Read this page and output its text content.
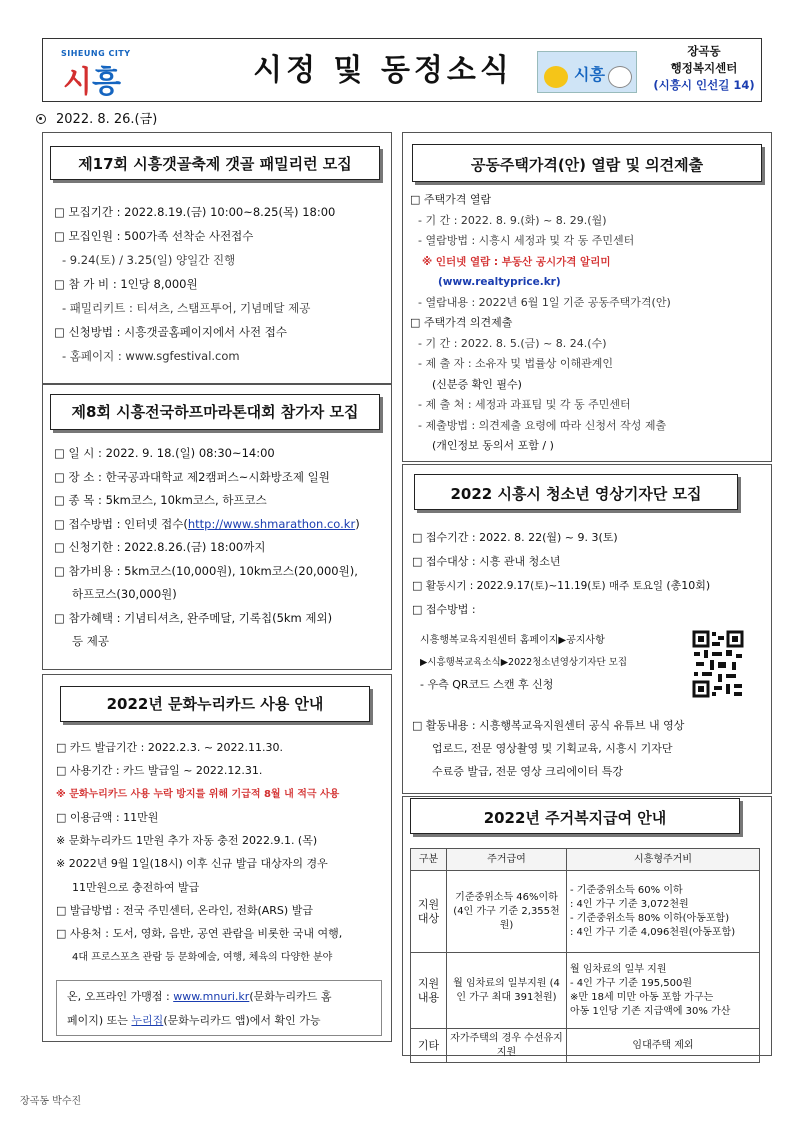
SIHEUNG CITY
시흥	시정 및 동정소식	시흥
장곡동
행정복지센터
(시흥시 인선길 14)
2022. 8. 26.(금)
제17회 시흥갯골축제 갯골 패밀리런 모집
□ 모집기간 : 2022.8.19.(금) 10:00~8.25(목) 18:00
□ 모집인원 : 500가족 선착순 사전접수
- 9.24(토) / 3.25(일) 양일간 진행
□ 참 가 비 : 1인당 8,000원
- 패밀리키트 : 티셔츠, 스탬프투어, 기념메달 제공
□ 신청방법 : 시흥갯골홈페이지에서 사전 접수
- 홈페이지 : www.sgfestival.com
제8회 시흥전국하프마라톤대회 참가자 모집
□ 일 시 : 2022. 9. 18.(일) 08:30~14:00
□ 장 소 : 한국공과대학교 제2캠퍼스~시화방조제 일원
□ 종 목 : 5km코스, 10km코스, 하프코스
□ 접수방법 : 인터넷 접수(http://www.shmarathon.co.kr)
□ 신청기한 : 2022.8.26.(금) 18:00까지
□ 참가비용 : 5km코스(10,000원), 10km코스(20,000원),
하프코스(30,000원)
□ 참가혜택 : 기념티셔츠, 완주메달, 기록칩(5km 제외)
등 제공
2022년 문화누리카드 사용 안내
□ 카드 발급기간 : 2022.2.3. ~ 2022.11.30.
□ 사용기간 : 카드 발급일 ~ 2022.12.31.
※ 문화누리카드 사용 누락 방지를 위해 기급적 8월 내 적극 사용
□ 이용금액 : 11만원
※ 문화누리카드 1만원 추가 자동 충전 2022.9.1. (목)
※ 2022년 9월 1일(18시) 이후 신규 발급 대상자의 경우
11만원으로 충전하여 발급
□ 발급방법 : 전국 주민센터, 온라인, 전화(ARS) 발급
□ 사용처 : 도서, 영화, 음반, 공연 관람을 비롯한 국내 여행,
4대 프로스포츠 관람 등 문화예술, 여행, 체육의 다양한 분야
온, 오프라인 가맹점 : www.mnuri.kr(문화누리카드 홈
페이지) 또는 누리집(문화누리카드 앱)에서 확인 가능
공동주택가격(안) 열람 및 의견제출
□ 주택가격 열람
- 기 간 : 2022. 8. 9.(화) ~ 8. 29.(월)
- 열람방법 : 시흥시 세정과 및 각 동 주민센터
※ 인터넷 열람 : 부동산 공시가격 알리미
(www.realtyprice.kr)
- 열람내용 : 2022년 6월 1일 기준 공동주택가격(안)
□ 주택가격 의견제출
- 기 간 : 2022. 8. 5.(금) ~ 8. 24.(수)
- 제 출 자 : 소유자 및 법률상 이해관계인
(신분증 확인 필수)
- 제 출 처 : 세정과 과표팀 및 각 동 주민센터
- 제출방법 : 의견제출 요령에 따라 신청서 작성 제출
(개인정보 동의서 포함 / )
2022 시흥시 청소년 영상기자단 모집
□ 접수기간 : 2022. 8. 22(월) ~ 9. 3(토)
□ 접수대상 : 시흥 관내 청소년
□ 활동시기 : 2022.9.17(토)~11.19(토) 매주 토요일 (총10회)
□ 접수방법 :
시흥행복교육지원센터 홈페이지▶공지사항
▶시흥행복교육소식▶2022청소년영상기자단 모집
- 우측 QR코드 스캔 후 신청
□ 활동내용 : 시흥행복교육지원센터 공식 유튜브 내 영상
업로드, 전문 영상촬영 및 기획교육, 시흥시 기자단
수료증 발급, 전문 영상 크리에이터 특강
2022년 주거복지급여 안내
구분	주거급여	시흥형주거비
지원 대상	기준중위소득 46%이하 (4인 가구 기준 2,355천원)	- 기준중위소득 60% 이하
: 4인 가구 기준 3,072천원
- 기준중위소득 80% 이하(아동포함)
: 4인 가구 기준 4,096천원(아동포함)

지원 내용	월 임차료의 일부지원 (4인 가구 최대 391천원)	월 임차료의 일부 지원
- 4인 가구 기준 195,500원
※만 18세 미만 아동 포함 가구는
아동 1인당 기존 지급액에 30% 가산

기타	자가주택의 경우 수선유지 지원	임대주택 제외
장곡동 박수진
